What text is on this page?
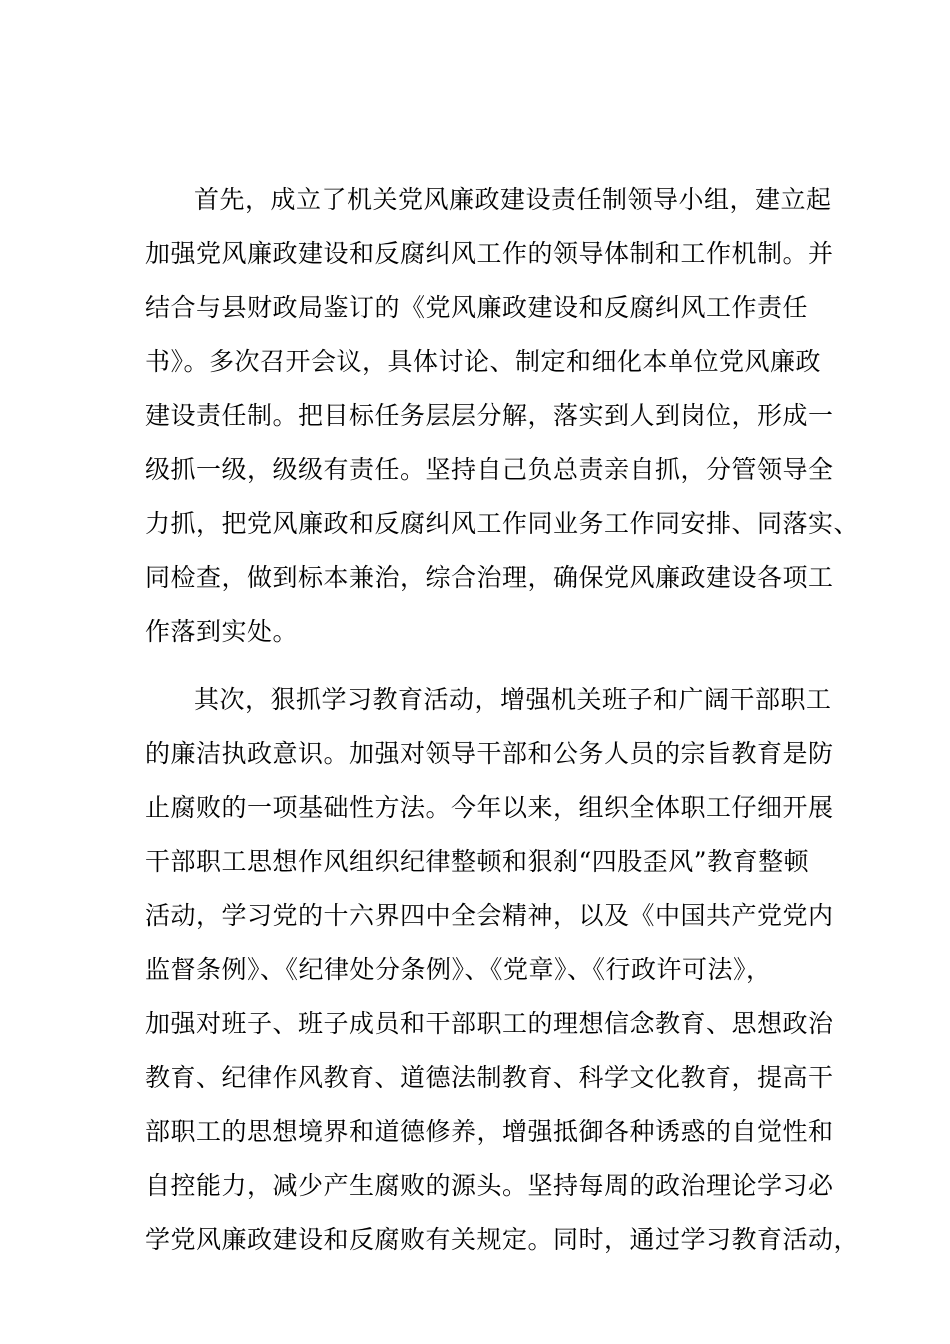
首先，成立了机关党风廉政建设责任制领导小组，建立起
加强党风廉政建设和反腐纠风工作的领导体制和工作机制。并
结合与县财政局鉴订的《党风廉政建设和反腐纠风工作责任
书》。多次召开会议，具体讨论、制定和细化本单位党风廉政
建设责任制。把目标任务层层分解，落实到人到岗位，形成一
级抓一级，级级有责任。坚持自己负总责亲自抓，分管领导全
力抓，把党风廉政和反腐纠风工作同业务工作同安排、同落实、
同检查，做到标本兼治，综合治理，确保党风廉政建设各项工
作落到实处。
其次，狠抓学习教育活动，增强机关班子和广阔干部职工
的廉洁执政意识。加强对领导干部和公务人员的宗旨教育是防
止腐败的一项基础性方法。今年以来，组织全体职工仔细开展
干部职工思想作风组织纪律整顿和狠刹“四股歪风”教育整顿
活动，学习党的十六界四中全会精神，以及《中国共产党党内
监督条例》、《纪律处分条例》、《党章》、《行政许可法》，
加强对班子、班子成员和干部职工的理想信念教育、思想政治
教育、纪律作风教育、道德法制教育、科学文化教育，提高干
部职工的思想境界和道德修养，增强抵御各种诱惑的自觉性和
自控能力，减少产生腐败的源头。坚持每周的政治理论学习必
学党风廉政建设和反腐败有关规定。同时，通过学习教育活动，
